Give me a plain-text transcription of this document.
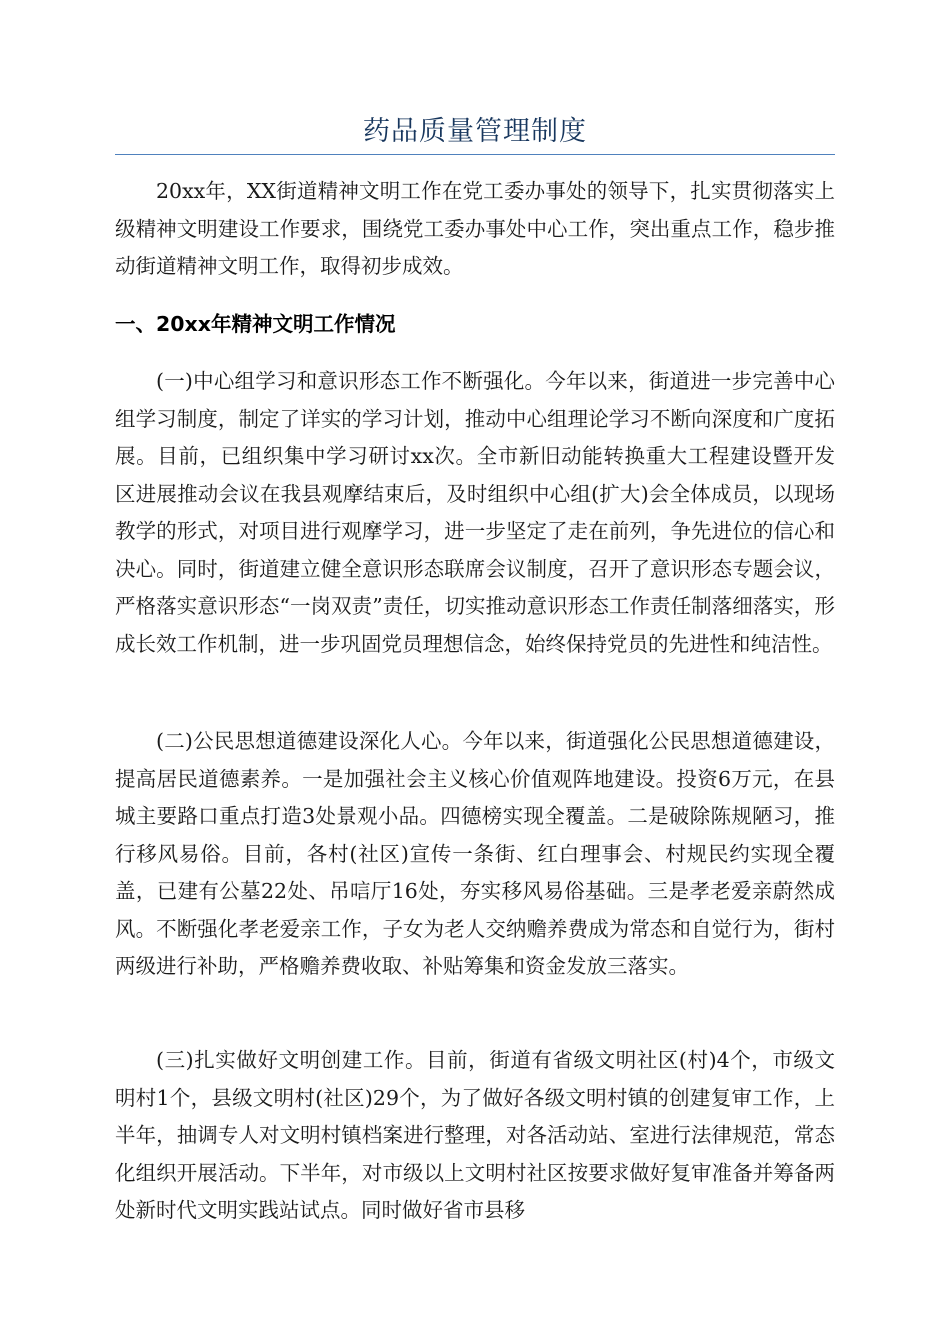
药品质量管理制度

20xx年，XX街道精神文明工作在党工委办事处的领导下，扎实贯彻落实上级精神文明建设工作要求，围绕党工委办事处中心工作，突出重点工作，稳步推动街道精神文明工作，取得初步成效。

一、20xx年精神文明工作情况

(一)中心组学习和意识形态工作不断强化。今年以来，街道进一步完善中心组学习制度，制定了详实的学习计划，推动中心组理论学习不断向深度和广度拓展。目前，已组织集中学习研讨xx次。全市新旧动能转换重大工程建设暨开发区进展推动会议在我县观摩结束后，及时组织中心组(扩大)会全体成员，以现场教学的形式，对项目进行观摩学习，进一步坚定了走在前列，争先进位的信心和决心。同时，街道建立健全意识形态联席会议制度，召开了意识形态专题会议，严格落实意识形态“一岗双责”责任，切实推动意识形态工作责任制落细落实，形成长效工作机制，进一步巩固党员理想信念，始终保持党员的先进性和纯洁性。

(二)公民思想道德建设深化人心。今年以来，街道强化公民思想道德建设，提高居民道德素养。一是加强社会主义核心价值观阵地建设。投资6万元，在县城主要路口重点打造3处景观小品。四德榜实现全覆盖。二是破除陈规陋习，推行移风易俗。目前，各村(社区)宣传一条街、红白理事会、村规民约实现全覆盖，已建有公墓22处、吊唁厅16处，夯实移风易俗基础。三是孝老爱亲蔚然成风。不断强化孝老爱亲工作，子女为老人交纳赡养费成为常态和自觉行为，街村两级进行补助，严格赡养费收取、补贴筹集和资金发放三落实。

(三)扎实做好文明创建工作。目前，街道有省级文明社区(村)4个，市级文明村1个，县级文明村(社区)29个，为了做好各级文明村镇的创建复审工作，上半年，抽调专人对文明村镇档案进行整理，对各活动站、室进行法律规范，常态化组织开展活动。下半年，对市级以上文明村社区按要求做好复审准备并筹备两处新时代文明实践站试点。同时做好省市县移
